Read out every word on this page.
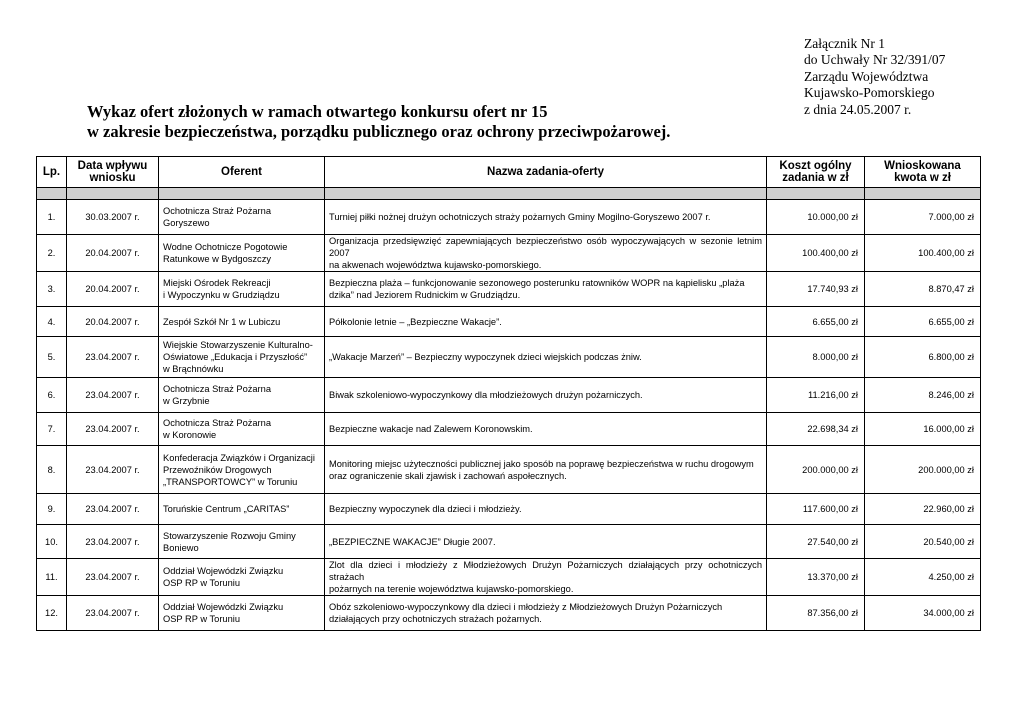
Załącznik Nr 1
do Uchwały Nr 32/391/07
Zarządu Województwa
Kujawsko-Pomorskiego
z dnia 24.05.2007 r.
Wykaz ofert złożonych w ramach otwartego konkursu ofert nr 15
w zakresie bezpieczeństwa, porządku publicznego oraz ochrony przeciwpożarowej.
Lp.	Data wpływu
wniosku	Oferent	Nazwa zadania-oferty	Koszt ogólny
zadania w zł	Wnioskowana
kwota w zł

1.	30.03.2007 r.	Ochotnicza Straż Pożarna
Goryszewo	Turniej piłki nożnej drużyn ochotniczych straży pożarnych Gminy Mogilno-Goryszewo 2007 r.	10.000,00 zł	7.000,00 zł
2.	20.04.2007 r.	Wodne Ochotnicze Pogotowie
Ratunkowe w Bydgoszczy	Organizacja przedsięwzięć zapewniających bezpieczeństwo osób wypoczywających w sezonie letnim 2007
na akwenach województwa kujawsko-pomorskiego.	100.400,00 zł	100.400,00 zł
3.	20.04.2007 r.	Miejski Ośrodek Rekreacji
i Wypoczynku w Grudziądzu	Bezpieczna plaża – funkcjonowanie sezonowego posterunku ratowników WOPR na kąpielisku „plaża
dzika” nad Jeziorem Rudnickim w Grudziądzu.	17.740,93 zł	8.870,47 zł
4.	20.04.2007 r.	Zespół Szkół Nr 1 w Lubiczu	Półkolonie letnie – „Bezpieczne Wakacje”.	6.655,00 zł	6.655,00 zł
5.	23.04.2007 r.	Wiejskie Stowarzyszenie Kulturalno-
Oświatowe „Edukacja i Przyszłość”
w Brąchnówku	„Wakacje Marzeń” – Bezpieczny wypoczynek dzieci wiejskich podczas żniw.	8.000,00 zł	6.800,00 zł
6.	23.04.2007 r.	Ochotnicza Straż Pożarna
w Grzybnie	Biwak szkoleniowo-wypoczynkowy dla młodzieżowych drużyn pożarniczych.	11.216,00 zł	8.246,00 zł
7.	23.04.2007 r.	Ochotnicza Straż Pożarna
w Koronowie	Bezpieczne wakacje nad Zalewem Koronowskim.	22.698,34 zł	16.000,00 zł
8.	23.04.2007 r.	Konfederacja Związków i Organizacji
Przewoźników Drogowych
„TRANSPORTOWCY” w Toruniu	Monitoring miejsc użyteczności publicznej jako sposób na poprawę bezpieczeństwa w ruchu drogowym
oraz ograniczenie skali zjawisk i zachowań aspołecznych.	200.000,00 zł	200.000,00 zł
9.	23.04.2007 r.	Toruńskie Centrum „CARITAS”	Bezpieczny wypoczynek dla dzieci i młodzieży.	117.600,00 zł	22.960,00 zł
10.	23.04.2007 r.	Stowarzyszenie Rozwoju Gminy
Boniewo	„BEZPIECZNE WAKACJE” Długie 2007.	27.540,00 zł	20.540,00 zł
11.	23.04.2007 r.	Oddział Wojewódzki Związku
OSP RP w Toruniu	Zlot dla dzieci i młodzieży z Młodzieżowych Drużyn Pożarniczych działających przy ochotniczych strażach
pożarnych na terenie województwa kujawsko-pomorskiego.	13.370,00 zł	4.250,00 zł
12.	23.04.2007 r.	Oddział Wojewódzki Związku
OSP RP w Toruniu	Obóz szkoleniowo-wypoczynkowy dla dzieci i młodzieży z Młodzieżowych Drużyn Pożarniczych
działających przy ochotniczych strażach pożarnych.	87.356,00 zł	34.000,00 zł
